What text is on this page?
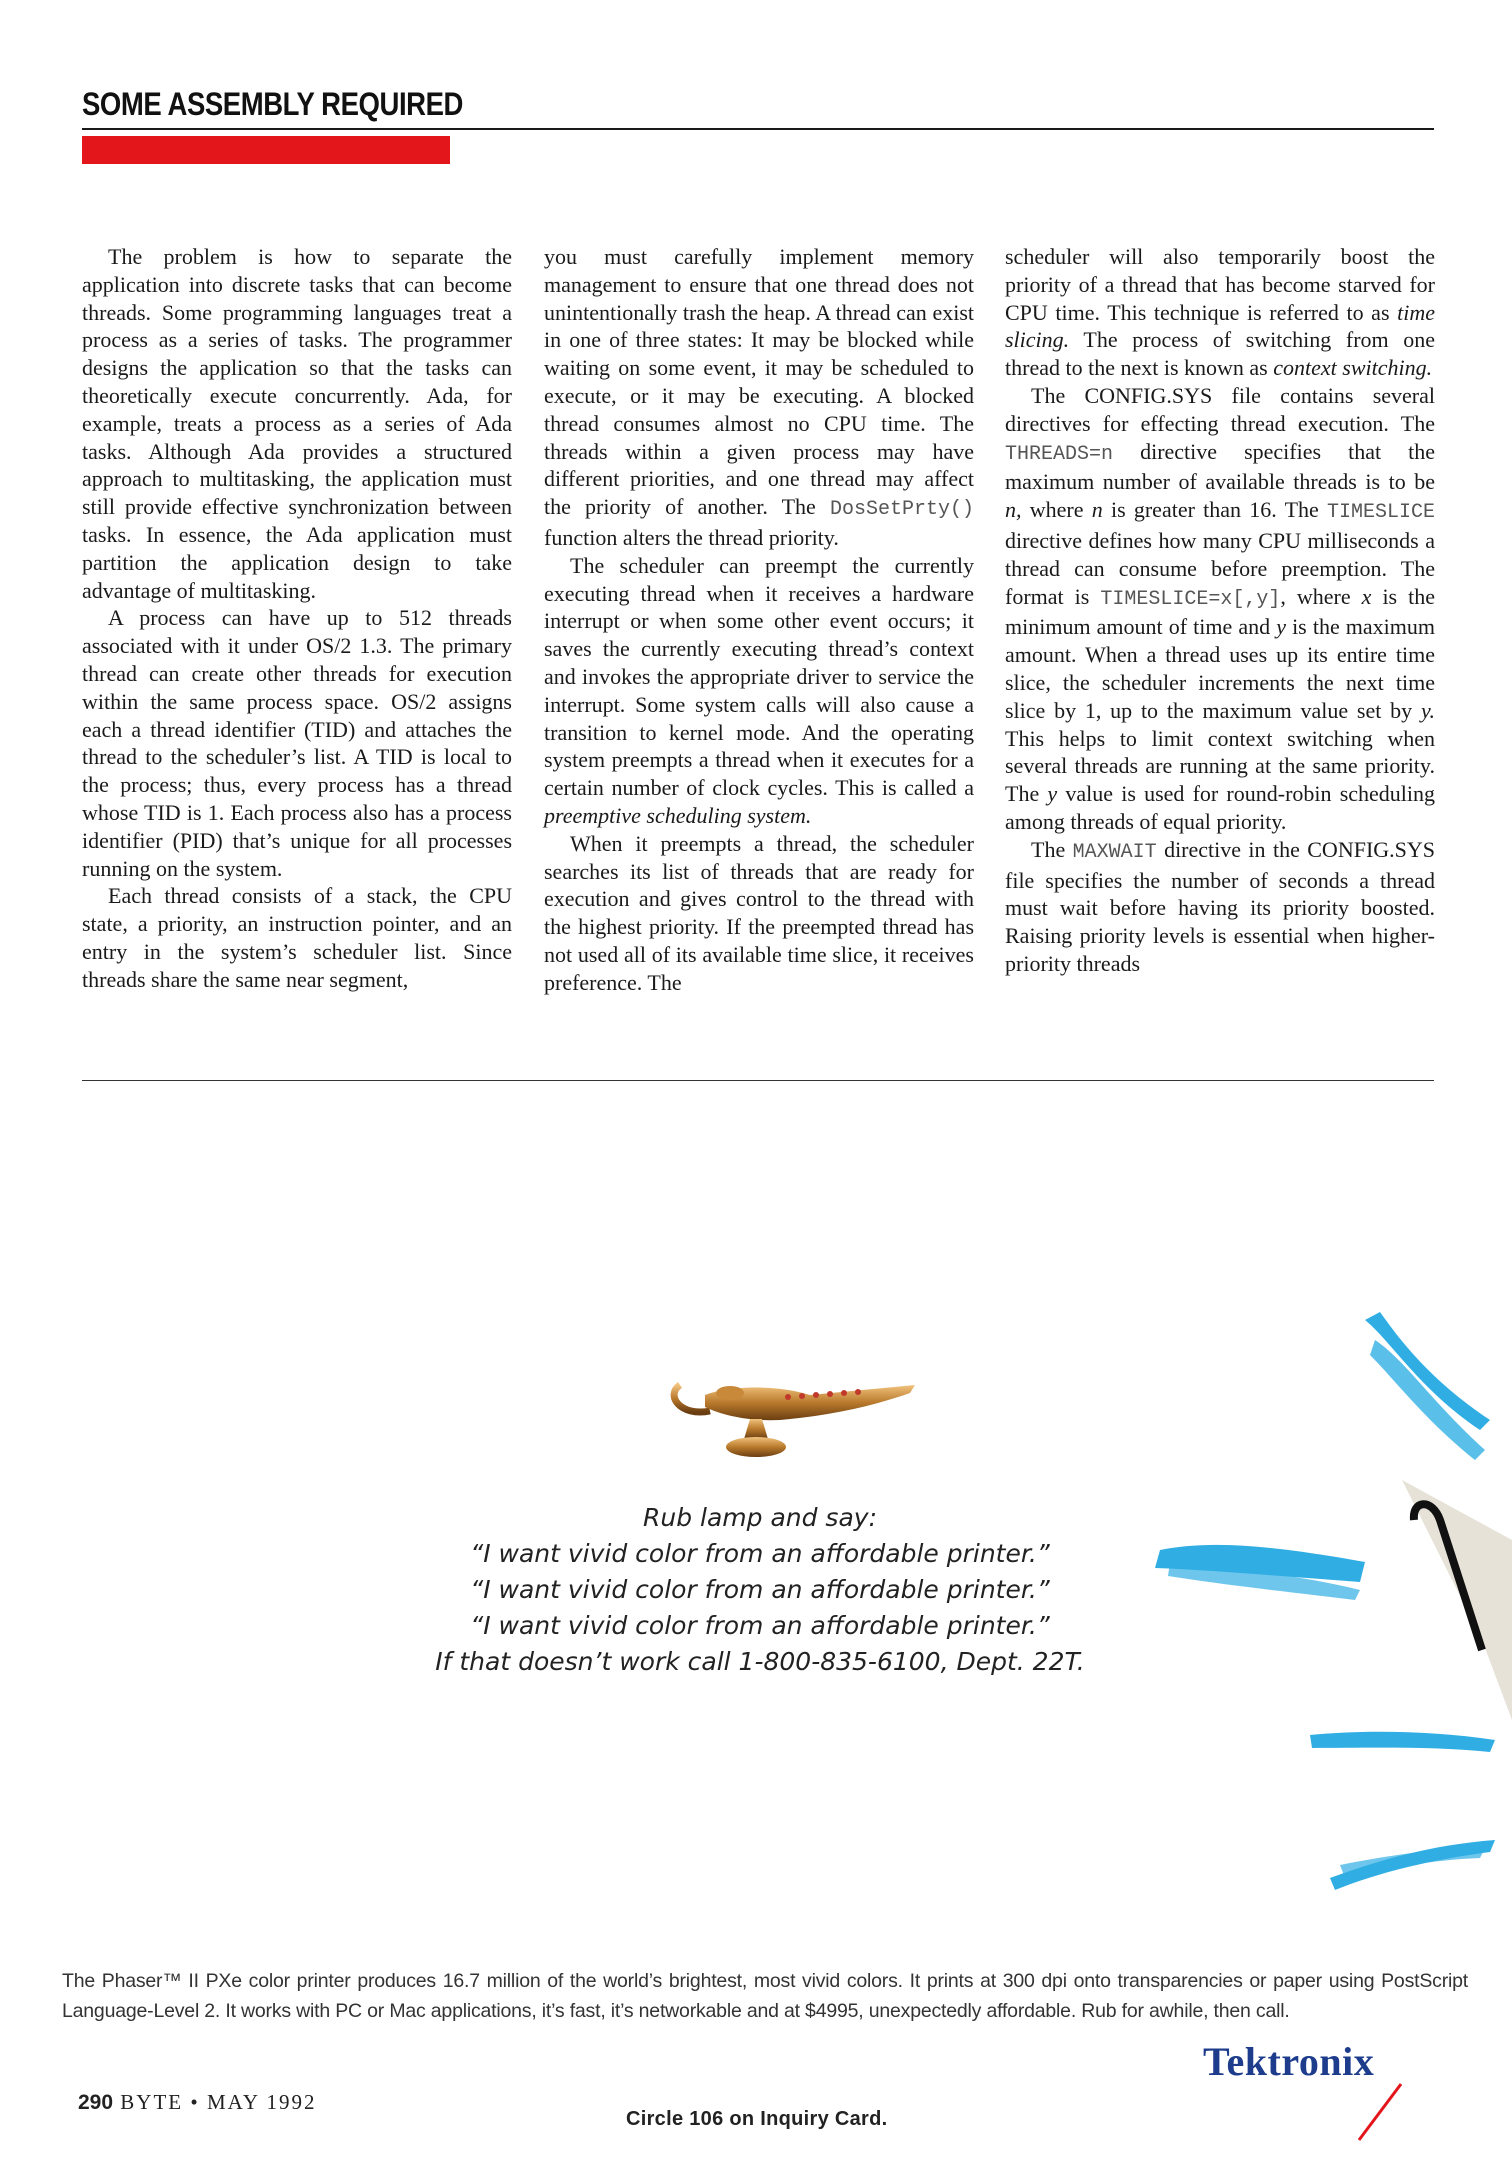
SOME ASSEMBLY REQUIRED

The problem is how to separate the application into discrete tasks that can become threads. Some programming languages treat a process as a series of tasks. The programmer designs the application so that the tasks can theoretically execute concurrently. Ada, for example, treats a process as a series of Ada tasks. Although Ada provides a structured approach to multitasking, the application must still provide effective synchronization between tasks. In essence, the Ada application must partition the application design to take advantage of multitasking.

A process can have up to 512 threads associated with it under OS/2 1.3. The primary thread can create other threads for execution within the same process space. OS/2 assigns each a thread identifier (TID) and attaches the thread to the scheduler’s list. A TID is local to the process; thus, every process has a thread whose TID is 1. Each process also has a process identifier (PID) that’s unique for all processes running on the system.

Each thread consists of a stack, the CPU state, a priority, an instruction pointer, and an entry in the system’s scheduler list. Since threads share the same near segment,

you must carefully implement memory management to ensure that one thread does not unintentionally trash the heap. A thread can exist in one of three states: It may be blocked while waiting on some event, it may be scheduled to execute, or it may be executing. A blocked thread consumes almost no CPU time. The threads within a given process may have different priorities, and one thread may affect the priority of another. The DosSetPrty() function alters the thread priority.

The scheduler can preempt the currently executing thread when it receives a hardware interrupt or when some other event occurs; it saves the currently executing thread’s context and invokes the appropriate driver to service the interrupt. Some system calls will also cause a transition to kernel mode. And the operating system preempts a thread when it executes for a certain number of clock cycles. This is called a preemptive scheduling system.

When it preempts a thread, the scheduler searches its list of threads that are ready for execution and gives control to the thread with the highest priority. If the preempted thread has not used all of its available time slice, it receives preference. The

scheduler will also temporarily boost the priority of a thread that has become starved for CPU time. This technique is referred to as time slicing. The process of switching from one thread to the next is known as context switching.

The CONFIG.SYS file contains several directives for effecting thread execution. The THREADS=n directive specifies that the maximum number of available threads is to be n, where n is greater than 16. The TIMESLICE directive defines how many CPU milliseconds a thread can consume before preemption. The format is TIMESLICE=x[,y], where x is the minimum amount of time and y is the maximum amount. When a thread uses up its entire time slice, the scheduler increments the next time slice by 1, up to the maximum value set by y. This helps to limit context switching when several threads are running at the same priority. The y value is used for round-robin scheduling among threads of equal priority.

The MAXWAIT directive in the CONFIG.SYS file specifies the number of seconds a thread must wait before having its priority boosted. Raising priority levels is essential when higher-priority threads

Rub lamp and say:
“I want vivid color from an affordable printer.”
“I want vivid color from an affordable printer.”
“I want vivid color from an affordable printer.”
If that doesn’t work call 1-800-835-6100, Dept. 22T.
The Phaser™ II PXe color printer produces 16.7 million of the world’s brightest, most vivid colors. It prints at 300 dpi onto transparencies or paper using PostScript Language-Level 2. It works with PC or Mac applications, it’s fast, it’s networkable and at $4995, unexpectedly affordable. Rub for awhile, then call.
Tektronix
290 BYTE • MAY 1992
Circle 106 on Inquiry Card.
